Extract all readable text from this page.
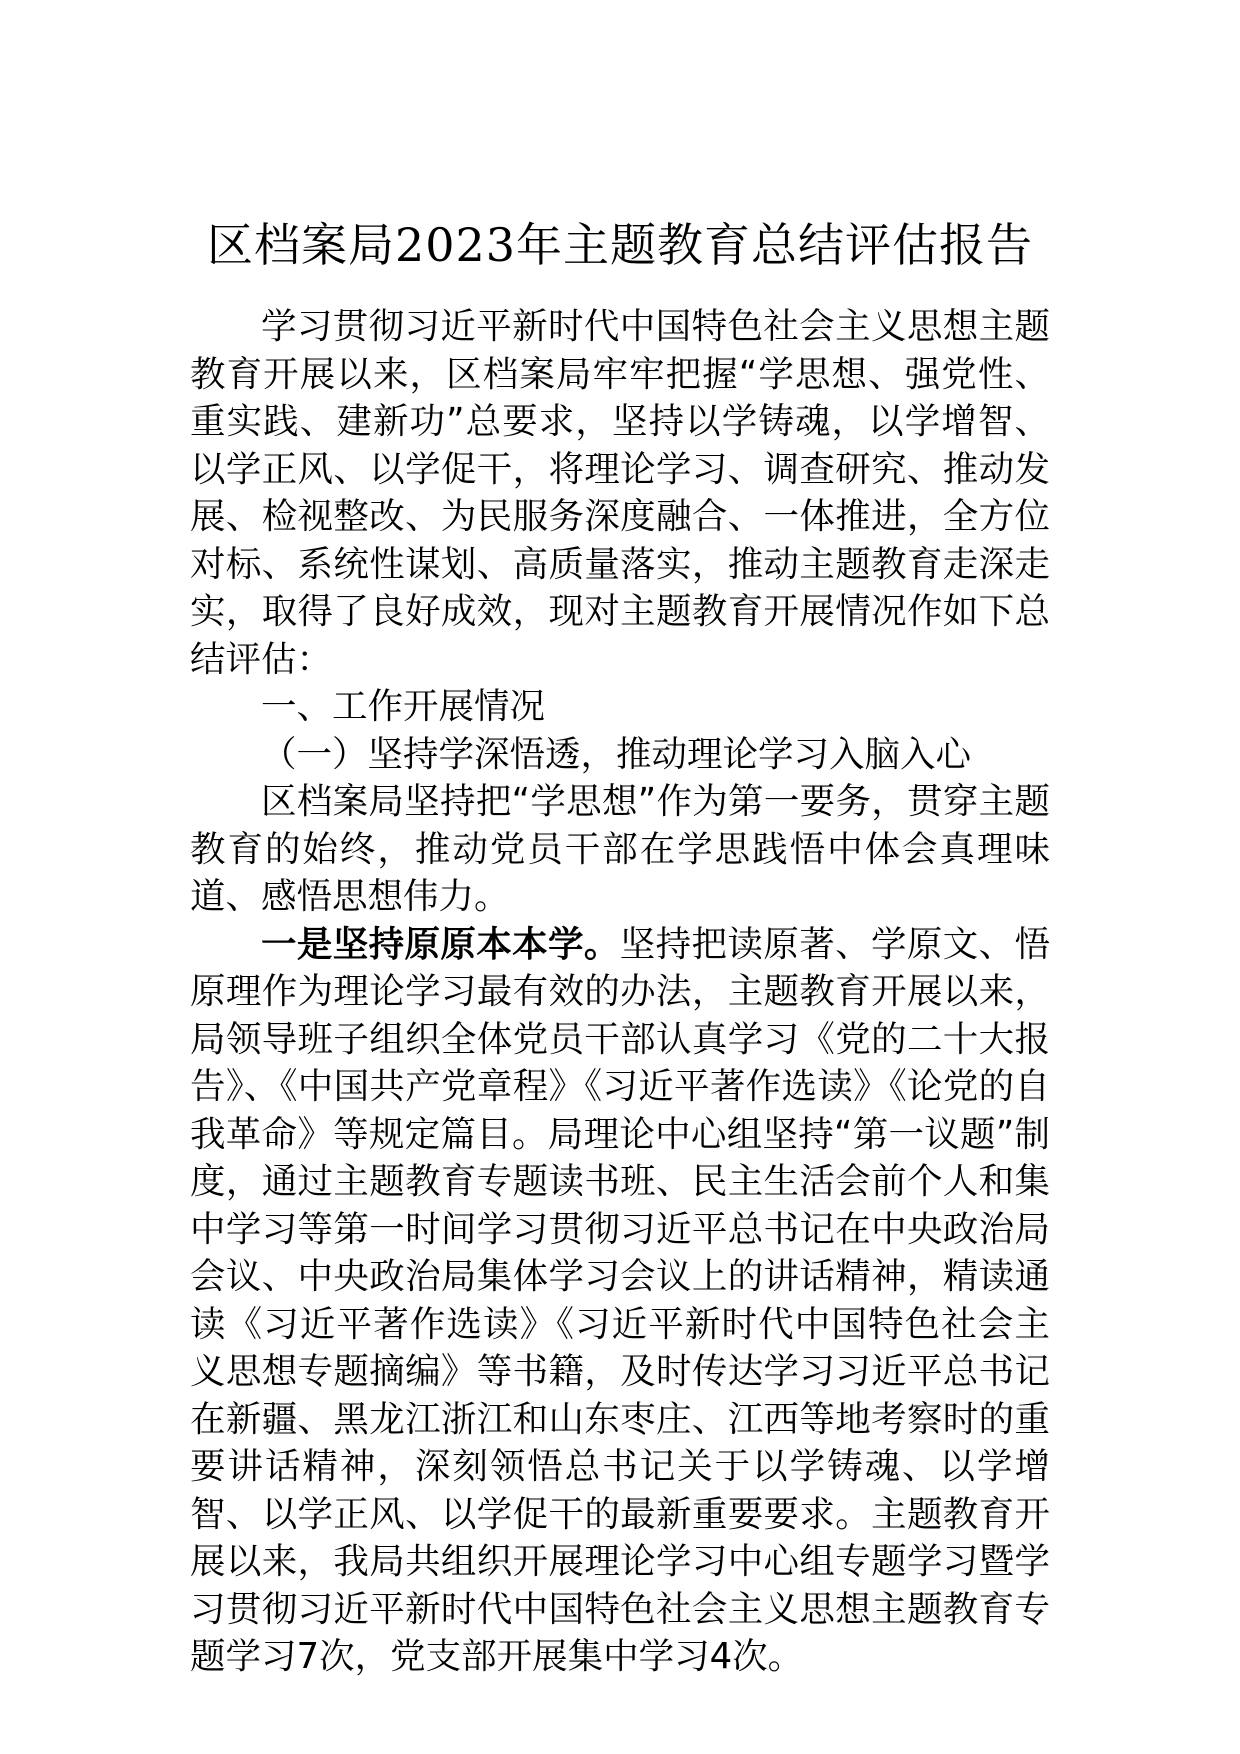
区档案局2023年主题教育总结评估报告

学习贯彻习近平新时代中国特色社会主义思想主题教育开展以来，区档案局牢牢把握“学思想、强党性、重实践、建新功”总要求，坚持以学铸魂，以学增智、以学正风、以学促干，将理论学习、调查研究、推动发展、检视整改、为民服务深度融合、一体推进，全方位对标、系统性谋划、高质量落实，推动主题教育走深走实，取得了良好成效，现对主题教育开展情况作如下总结评估：

一、工作开展情况

（一）坚持学深悟透，推动理论学习入脑入心

区档案局坚持把“学思想”作为第一要务，贯穿主题教育的始终，推动党员干部在学思践悟中体会真理味道、感悟思想伟力。

一是坚持原原本本学。坚持把读原著、学原文、悟原理作为理论学习最有效的办法，主题教育开展以来，局领导班子组织全体党员干部认真学习《党的二十大报告》、《中国共产党章程》《习近平著作选读》《论党的自我革命》等规定篇目。局理论中心组坚持“第一议题”制度，通过主题教育专题读书班、民主生活会前个人和集中学习等第一时间学习贯彻习近平总书记在中央政治局会议、中央政治局集体学习会议上的讲话精神，精读通读《习近平著作选读》《习近平新时代中国特色社会主义思想专题摘编》等书籍，及时传达学习习近平总书记在新疆、黑龙江浙江和山东枣庄、江西等地考察时的重要讲话精神，深刻领悟总书记关于以学铸魂、以学增智、以学正风、以学促干的最新重要要求。主题教育开展以来，我局共组织开展理论学习中心组专题学习暨学习贯彻习近平新时代中国特色社会主义思想主题教育专题学习7次，党支部开展集中学习4次。
